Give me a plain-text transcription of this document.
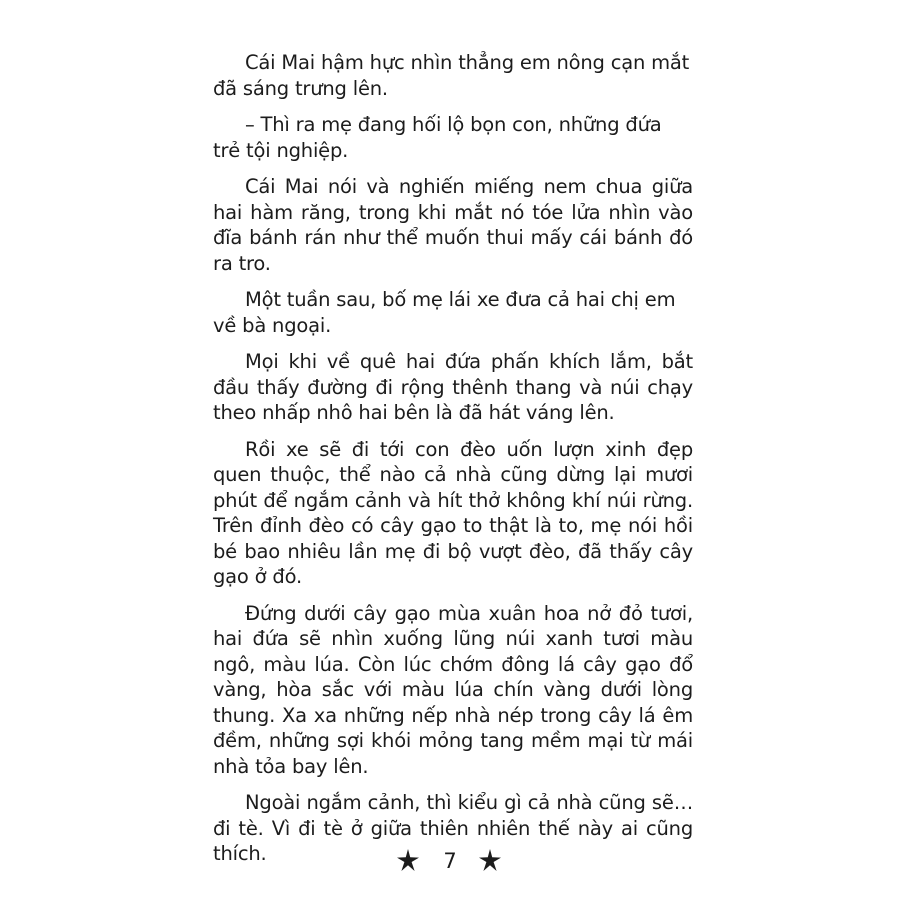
Cái Mai hậm hực nhìn thẳng em nông cạn mắt đã sáng trưng lên.

– Thì ra mẹ đang hối lộ bọn con, những đứa trẻ tội nghiệp.

Cái Mai nói và nghiến miếng nem chua giữa hai hàm răng, trong khi mắt nó tóe lửa nhìn vào đĩa bánh rán như thể muốn thui mấy cái bánh đó ra tro.

Một tuần sau, bố mẹ lái xe đưa cả hai chị em về bà ngoại.

Mọi khi về quê hai đứa phấn khích lắm, bắt đầu thấy đường đi rộng thênh thang và núi chạy theo nhấp nhô hai bên là đã hát váng lên.

Rồi xe sẽ đi tới con đèo uốn lượn xinh đẹp quen thuộc, thể nào cả nhà cũng dừng lại mươi phút để ngắm cảnh và hít thở không khí núi rừng. Trên đỉnh đèo có cây gạo to thật là to, mẹ nói hồi bé bao nhiêu lần mẹ đi bộ vượt đèo, đã thấy cây gạo ở đó.

Đứng dưới cây gạo mùa xuân hoa nở đỏ tươi, hai đứa sẽ nhìn xuống lũng núi xanh tươi màu ngô, màu lúa. Còn lúc chớm đông lá cây gạo đổ vàng, hòa sắc với màu lúa chín vàng dưới lòng thung. Xa xa những nếp nhà nép trong cây lá êm đềm, những sợi khói mỏng tang mềm mại từ mái nhà tỏa bay lên.

Ngoài ngắm cảnh, thì kiểu gì cả nhà cũng sẽ… đi tè. Vì đi tè ở giữa thiên nhiên thế này ai cũng thích.	7
